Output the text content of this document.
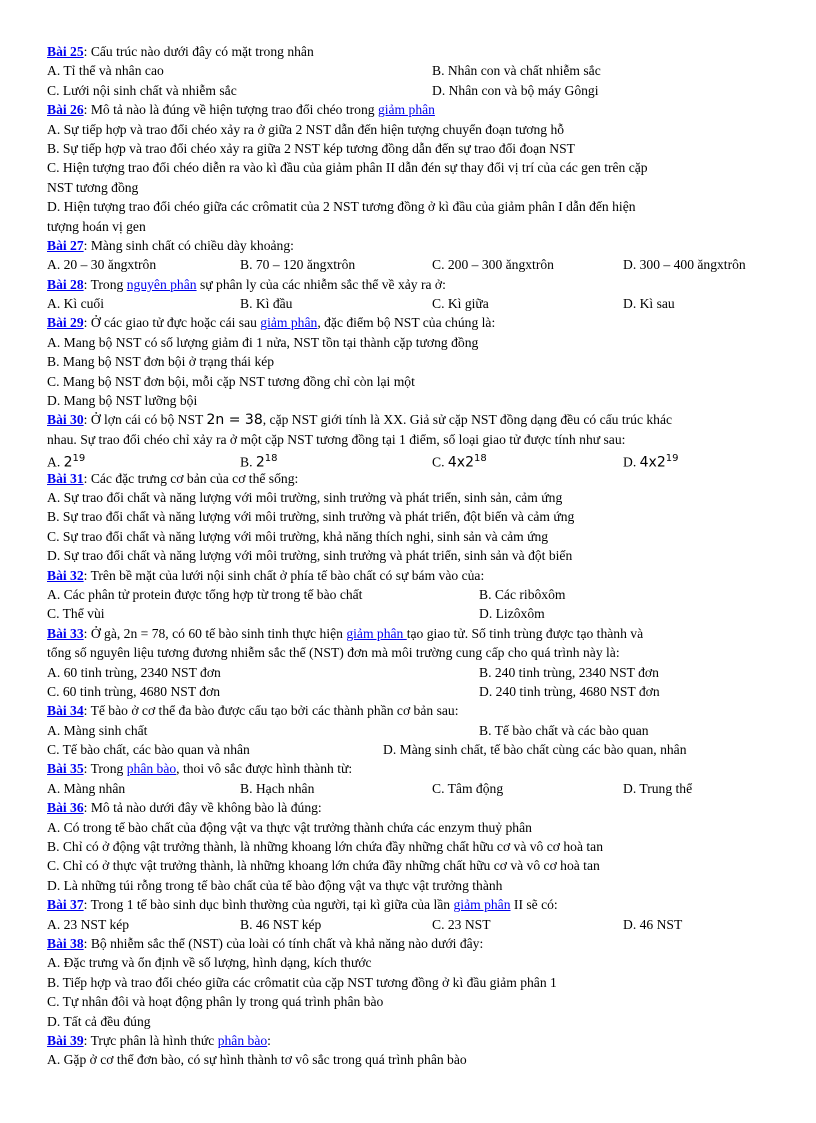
Bài 25: Cấu trúc nào dưới đây có mặt trong nhân
A. Tỉ thể và nhân cao	B. Nhân con và chất nhiễm sắc
C. Lưới nội sinh chất và nhiễm sắc	D. Nhân con và bộ máy Gôngi
Bài 26: Mô tả nào là đúng về hiện tượng trao đổi chéo trong giảm phân
A. Sự tiếp hợp và trao đổi chéo xảy ra ở giữa 2 NST dẫn đến hiện tượng chuyển đoạn tương hỗ
B. Sự tiếp hợp và trao đổi chéo xảy ra giữa 2 NST kép tương đồng dẫn đến sự trao đổi đoạn NST
C. Hiện tượng trao đổi chéo diễn ra vào kì đầu của giảm phân II dẫn đén sự thay đổi vị trí của các gen trên cặp
NST tương đồng
D. Hiện tượng trao đổi chéo giữa các crômatit của 2 NST tương đồng ở kì đầu của giảm phân I dẫn đến hiện
tượng hoán vị gen
Bài 27: Màng sinh chất có chiều dày khoảng:
A. 20 – 30 ăngxtrôn	B. 70 – 120 ăngxtrôn	C. 200 – 300 ăngxtrôn	D. 300 – 400 ăngxtrôn
Bài 28: Trong nguyên phân sự phân ly của các nhiễm sắc thể về xảy ra ở:
A. Kì cuối	B. Kì đầu	C. Kì giữa	D. Kì sau
Bài 29: Ở các giao tử đực hoặc cái sau giảm phân, đặc điểm bộ NST của chúng là:
A. Mang bộ NST có số lượng giảm đi 1 nửa, NST tồn tại thành cặp tương đồng
B. Mang bộ NST đơn bội ở trạng thái kép
C. Mang bộ NST đơn bội, mỗi cặp NST tương đồng chỉ còn lại một
D. Mang bộ NST lưỡng bội
Bài 30: Ở lợn cái có bộ NST 2n = 38, cặp NST giới tính là XX. Giả sử cặp NST đồng dạng đều có cấu trúc khác
nhau. Sự trao đổi chéo chỉ xảy ra ở một cặp NST tương đồng tại 1 điểm, số loại giao tử được tính như sau:
A. $2^{19}$	B. $2^{18}$	C. $4x2^{18}$	D. $4x2^{19}$
Bài 31: Các đặc trưng cơ bản của cơ thể sống:
A. Sự trao đổi chất và năng lượng với môi trường, sinh trưởng và phát triển, sinh sản, cảm ứng
B. Sự trao đổi chất và năng lượng với môi trường, sinh trưởng và phát triển, đột biến và cảm ứng
C. Sự trao đổi chất và năng lượng với môi trường, khả năng thích nghi, sinh sản và cảm ứng
D. Sự trao đổi chất và năng lượng với môi trường, sinh trưởng và phát triển, sinh sản và đột biến
Bài 32: Trên bề mặt của lưới nội sinh chất ở phía tế bào chất có sự bám vào của:
A. Các phân tử protein được tổng hợp từ trong tế bào chất	B. Các ribôxôm
C. Thể vùi	D. Lizôxôm
Bài 33: Ở gà, 2n = 78, có 60 tế bào sinh tinh thực hiện giảm phân tạo giao tử. Số tinh trùng được tạo thành và
tổng số nguyên liệu tương đương nhiễm sắc thể (NST) đơn mà môi trường cung cấp cho quá trình này là:
A. 60 tinh trùng, 2340 NST đơn	B. 240 tinh trùng, 2340 NST đơn
C. 60 tinh trùng, 4680 NST đơn	D. 240 tinh trùng, 4680 NST đơn
Bài 34: Tế bào ở cơ thể đa bào được cấu tạo bởi các thành phần cơ bản sau:
A. Màng sinh chất	B. Tế bào chất và các bào quan
C. Tế bào chất, các bào quan và nhân	D. Màng sinh chất, tế bào chất cùng các bào quan, nhân
Bài 35: Trong phân bào, thoi vô sắc được hình thành từ:
A. Màng nhân	B. Hạch nhân	C. Tâm động	D. Trung thể
Bài 36: Mô tả nào dưới đây về không bào là đúng:
A. Có trong tế bào chất của động vật va thực vật trưởng thành chứa các enzym thuỷ phân
B. Chỉ có ở động vật trưởng thành, là những khoang lớn chứa đầy những chất hữu cơ và vô cơ hoà tan
C. Chỉ có ở thực vật trưởng thành, là những khoang lớn chứa đầy những chất hữu cơ và vô cơ hoà tan
D. Là những túi rỗng trong tế bào chất của tế bào động vật va thực vật trưởng thành
Bài 37: Trong 1 tế bào sinh dục bình thường của người, tại kì giữa của lần giảm phân II sẽ có:
A. 23 NST kép	B. 46 NST kép	C. 23 NST	D. 46 NST
Bài 38: Bộ nhiễm sắc thể (NST) của loài có tính chất và khả năng nào dưới đây:
A. Đặc trưng và ổn định về số lượng, hình dạng, kích thước
B. Tiếp hợp và trao đổi chéo giữa các crômatit của cặp NST tương đồng ở kì đầu giảm phân 1
C. Tự nhân đôi và hoạt động phân ly trong quá trình phân bào
D. Tất cả đều đúng
Bài 39: Trực phân là hình thức phân bào:
A. Gặp ở cơ thể đơn bào, có sự hình thành tơ vô sắc trong quá trình phân bào
